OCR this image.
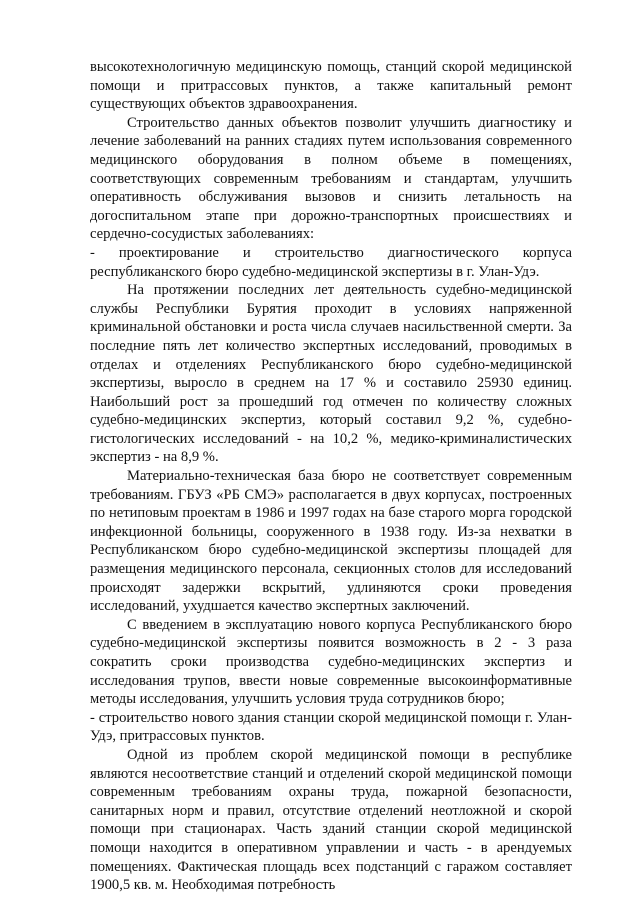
высокотехнологичную медицинскую помощь, станций скорой медицинской помощи и притрассовых пунктов, а также капитальный ремонт существующих объектов здравоохранения.

Строительство данных объектов позволит улучшить диагностику и лечение заболеваний на ранних стадиях путем использования современного медицинского оборудования в полном объеме в помещениях, соответствующих современным требованиям и стандартам, улучшить оперативность обслуживания вызовов и снизить летальность на догоспитальном этапе при дорожно-транспортных происшествиях и сердечно-сосудистых заболеваниях:

- проектирование и строительство диагностического корпуса республиканского бюро судебно-медицинской экспертизы в г. Улан-Удэ.

На протяжении последних лет деятельность судебно-медицинской службы Республики Бурятия проходит в условиях напряженной криминальной обстановки и роста числа случаев насильственной смерти. За последние пять лет количество экспертных исследований, проводимых в отделах и отделениях Республиканского бюро судебно-медицинской экспертизы, выросло в среднем на 17 % и составило 25930 единиц. Наибольший рост за прошедший год отмечен по количеству сложных судебно-медицинских экспертиз, который составил 9,2 %, судебно-гистологических исследований - на 10,2 %, медико-криминалистических экспертиз - на 8,9 %.

Материально-техническая база бюро не соответствует современным требованиям. ГБУЗ «РБ СМЭ» располагается в двух корпусах, построенных по нетиповым проектам в 1986 и 1997 годах на базе старого морга городской инфекционной больницы, сооруженного в 1938 году. Из-за нехватки в Республиканском бюро судебно-медицинской экспертизы площадей для размещения медицинского персонала, секционных столов для исследований происходят задержки вскрытий, удлиняются сроки проведения исследований, ухудшается качество экспертных заключений.

С введением в эксплуатацию нового корпуса Республиканского бюро судебно-медицинской экспертизы появится возможность в 2 - 3 раза сократить сроки производства судебно-медицинских экспертиз и исследования трупов, ввести новые современные высокоинформативные методы исследования, улучшить условия труда сотрудников бюро;

- строительство нового здания станции скорой медицинской помощи г. Улан-Удэ, притрассовых пунктов.

Одной из проблем скорой медицинской помощи в республике являются несоответствие станций и отделений скорой медицинской помощи современным требованиям охраны труда, пожарной безопасности, санитарных норм и правил, отсутствие отделений неотложной и скорой помощи при стационарах. Часть зданий станции скорой медицинской помощи находится в оперативном управлении и часть - в арендуемых помещениях. Фактическая площадь всех подстанций с гаражом составляет 1900,5 кв. м. Необходимая потребность
